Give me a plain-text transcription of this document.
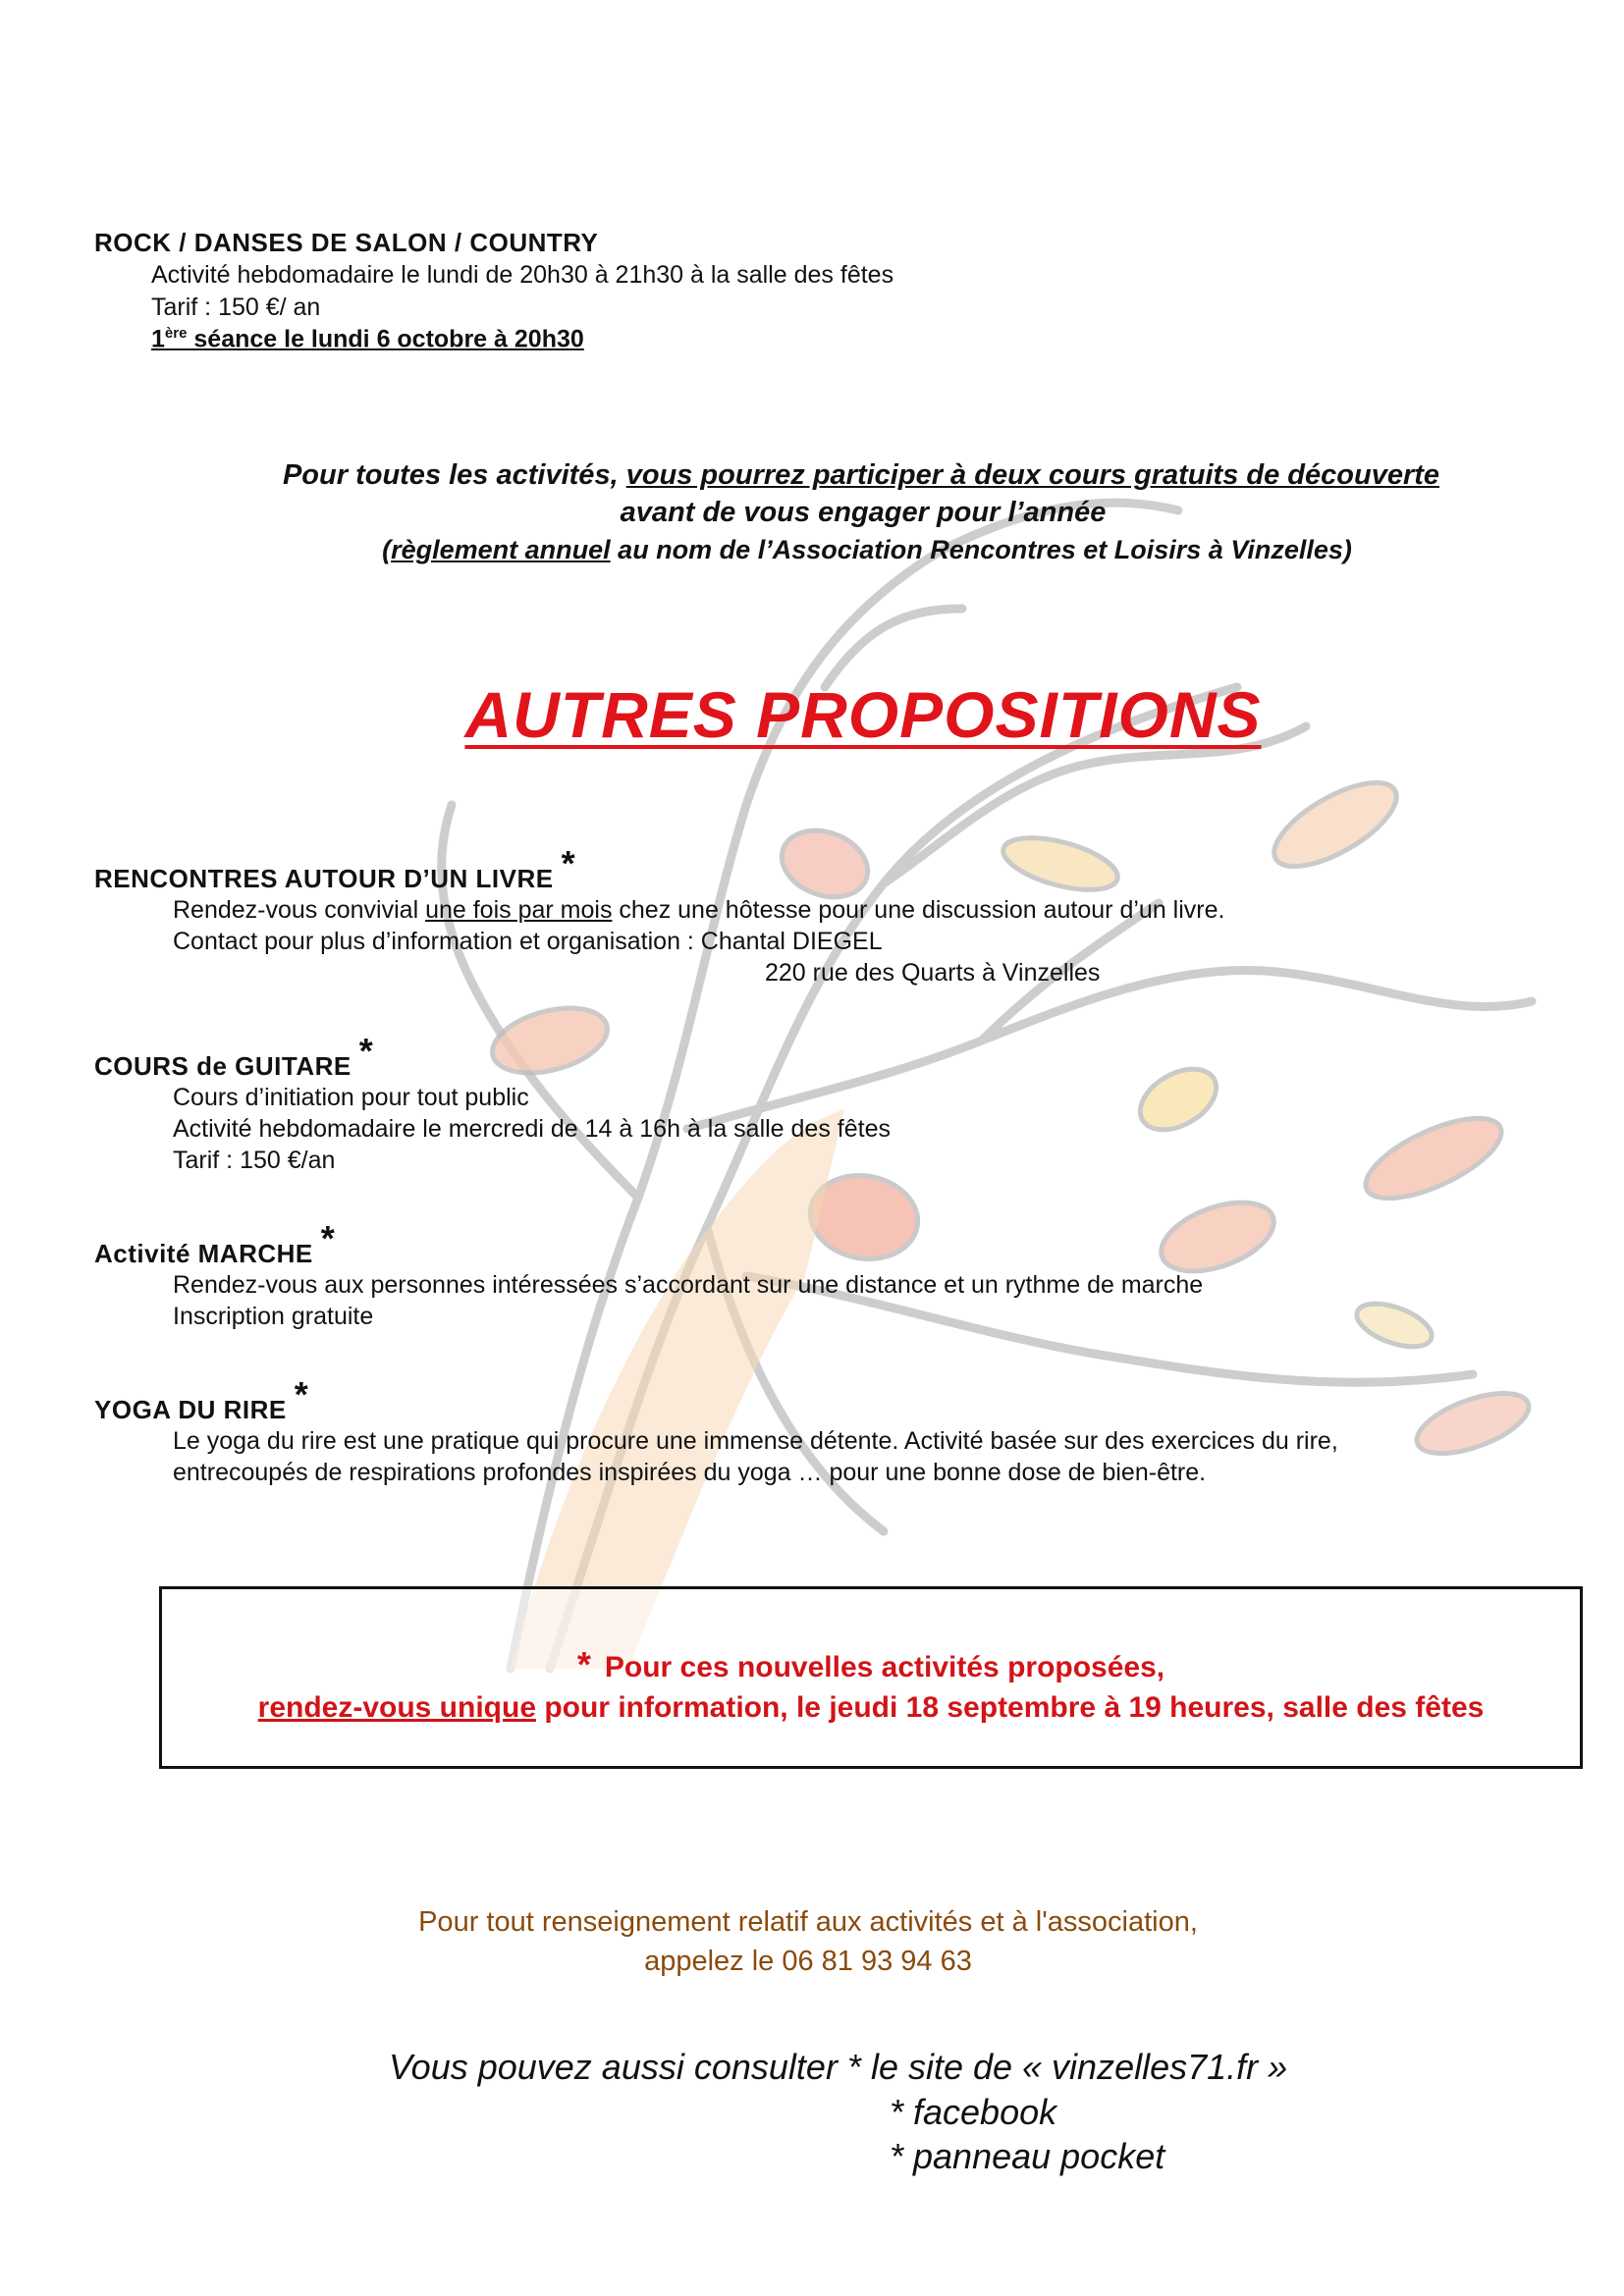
ROCK / DANSES DE SALON / COUNTRY
Activité hebdomadaire le lundi de 20h30 à 21h30 à la salle des fêtes
Tarif : 150 €/ an
1ère séance le lundi 6 octobre à 20h30
Pour toutes les activités, vous pourrez participer à deux cours gratuits de découverte
avant de vous engager pour l’année
(règlement annuel au nom de l’Association Rencontres et Loisirs à Vinzelles)
AUTRES PROPOSITIONS
RENCONTRES AUTOUR D’UN LIVRE *
Rendez-vous convivial une fois par mois chez une hôtesse pour une discussion autour d’un livre.
Contact pour plus d’information et organisation : Chantal DIEGEL
220 rue des Quarts à Vinzelles
COURS de GUITARE *
Cours d’initiation pour tout public
Activité hebdomadaire le mercredi de 14 à 16h à la salle des fêtes
Tarif : 150 €/an
Activité MARCHE *
Rendez-vous aux personnes intéressées s’accordant sur une distance et un rythme de marche
Inscription gratuite
YOGA DU RIRE *
Le yoga du rire est une pratique qui procure une immense détente. Activité basée sur des exercices du rire,
entrecoupés de respirations profondes inspirées du yoga … pour une bonne dose de bien-être.
* Pour ces nouvelles activités proposées,
rendez-vous unique pour information, le jeudi 18 septembre à 19 heures, salle des fêtes
Pour tout renseignement relatif aux activités et à l'association,
appelez le 06 81 93 94 63
Vous pouvez aussi consulter * le site de « vinzelles71.fr »
* facebook
* panneau pocket
